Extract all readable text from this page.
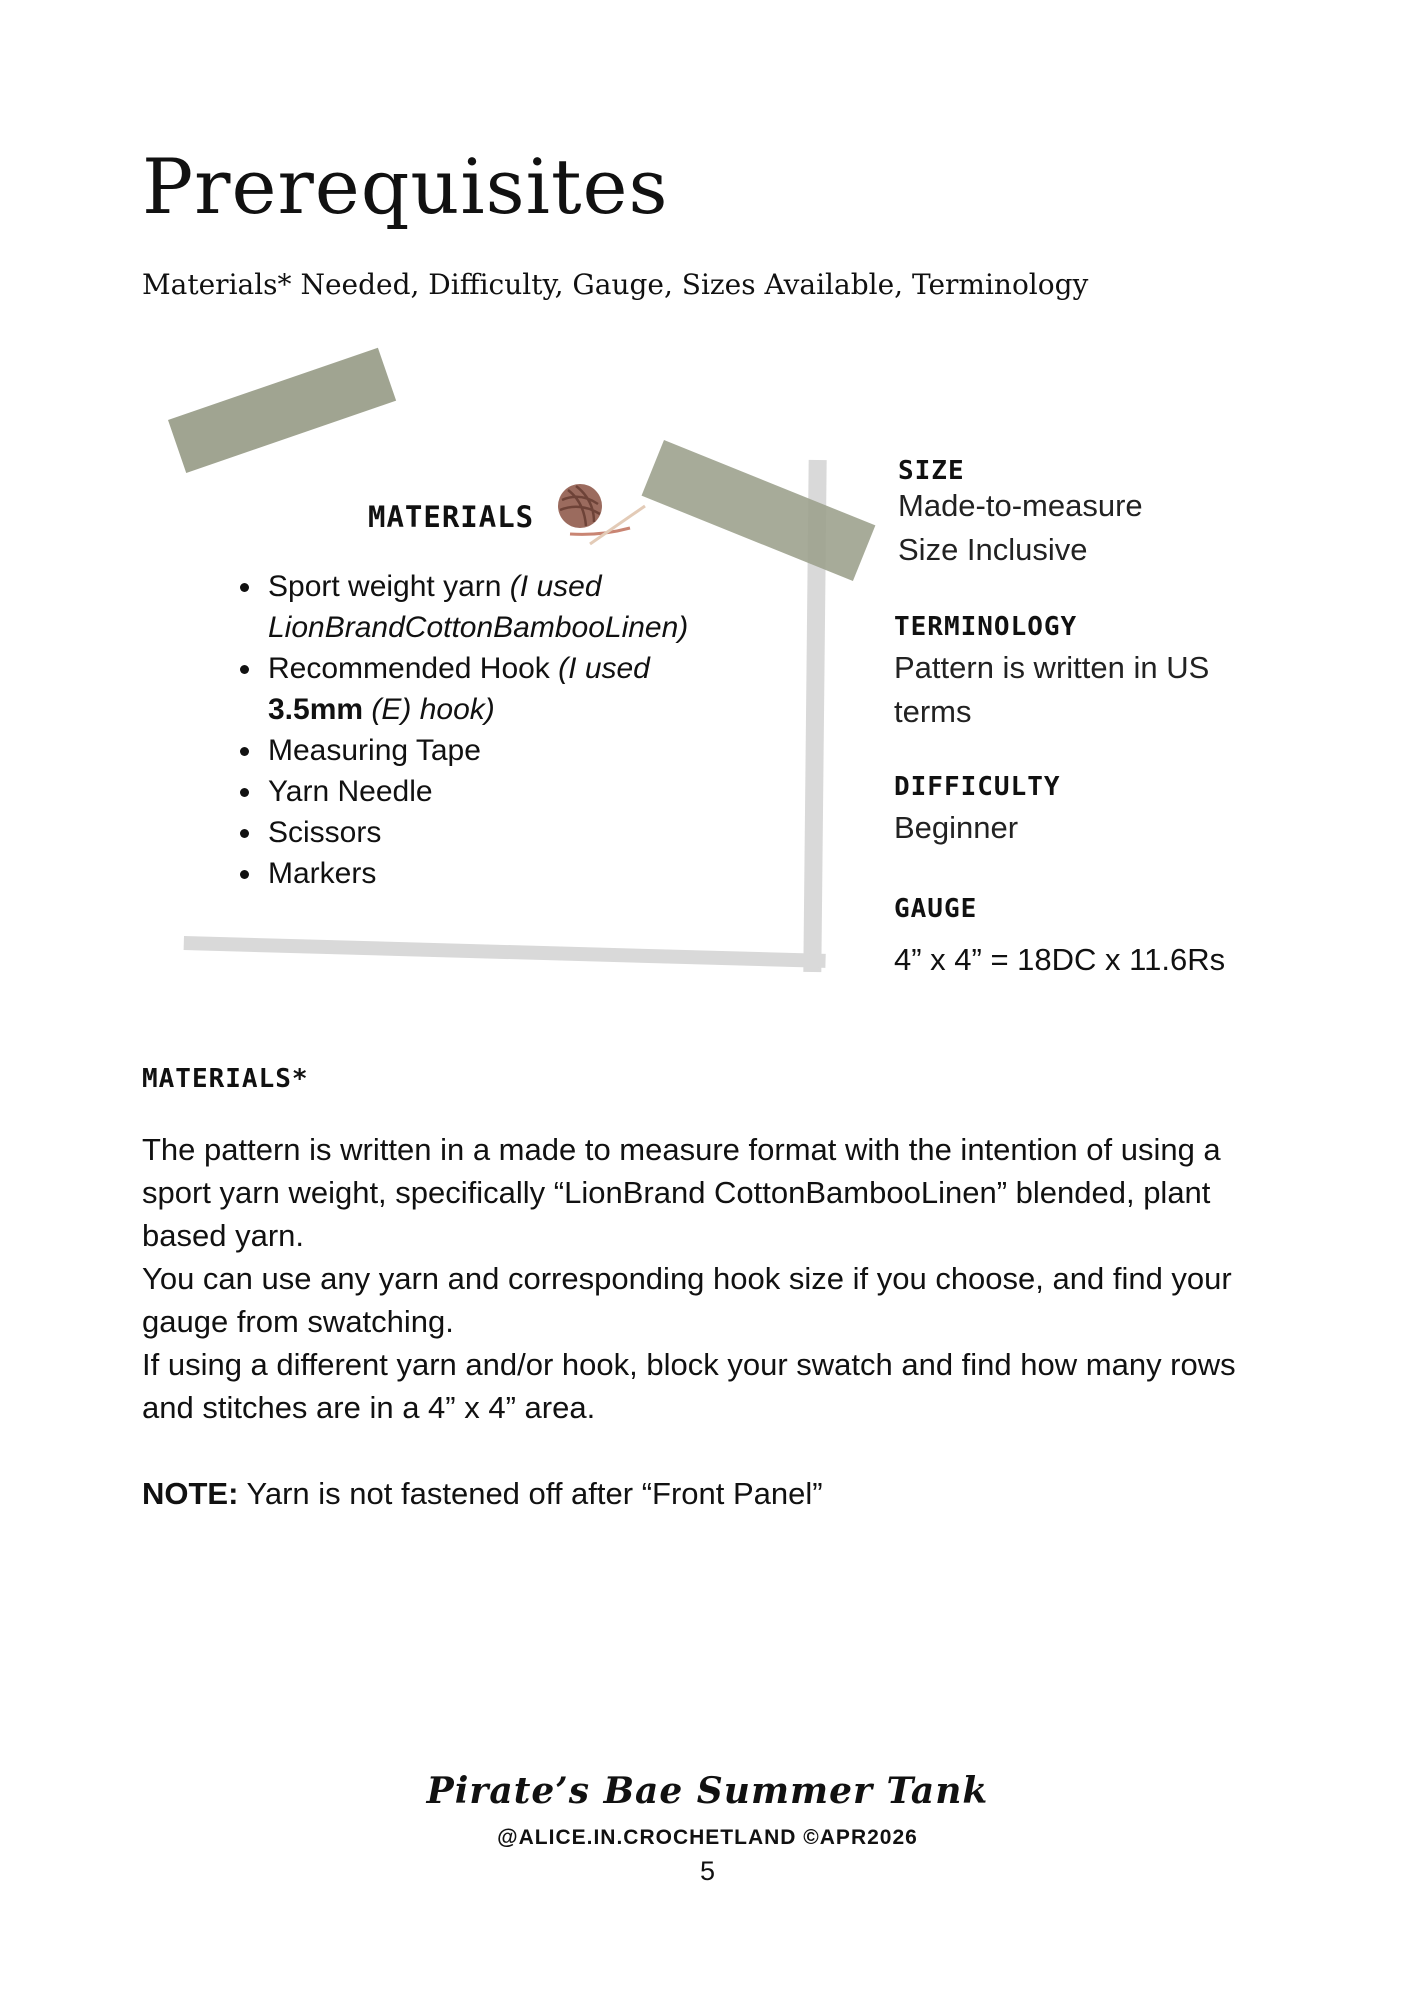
Prerequisites

Materials* Needed, Difficulty, Gauge, Sizes Available, Terminology

MATERIALS
• Sport weight yarn (I used LionBrandCottonBambooLinen)
• Recommended Hook (I used
3.5mm (E) hook)
• Measuring Tape
• Yarn Needle
• Scissors
• Markers
SIZE
Made-to-measure
Size Inclusive
TERMINOLOGY
Pattern is written in US terms
DIFFICULTY
Beginner
GAUGE
4” x 4” = 18DC x 11.6Rs
MATERIALS*

The pattern is written in a made to measure format with the intention of using a sport yarn weight, specifically “LionBrand CottonBambooLinen” blended, plant based yarn.

You can use any yarn and corresponding hook size if you choose, and find your gauge from swatching.

If using a different yarn and/or hook, block your swatch and find how many rows and stitches are in a 4” x 4” area.

NOTE: Yarn is not fastened off after “Front Panel”

Pirate’s Bae Summer Tank
@ALICE.IN.CROCHETLAND ©APR2026
5
